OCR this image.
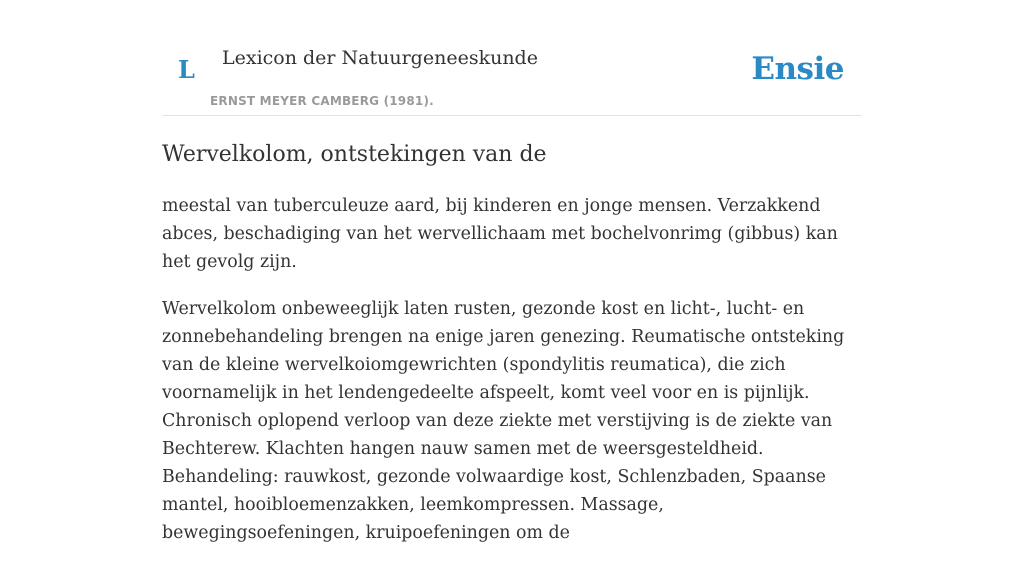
L Lexicon der Natuurgeneeskunde
ERNST MEYER CAMBERG (1981).
Ensie
Wervelkolom, ontstekingen van de

meestal van tuberculeuze aard, bij kinderen en jonge mensen. Verzakkend abces, beschadiging van het wervellichaam met bochelvonrimg (gibbus) kan het gevolg zijn.

Wervelkolom onbeweeglijk laten rusten, gezonde kost en licht-, lucht- en zonnebehandeling brengen na enige jaren genezing. Reumatische ontsteking van de kleine wervelkoiomgewrichten (spondylitis reumatica), die zich voornamelijk in het lendengedeelte afspeelt, komt veel voor en is pijnlijk. Chronisch oplopend verloop van deze ziekte met verstijving is de ziekte van Bechterew. Klachten hangen nauw samen met de weersgesteldheid. Behandeling: rauwkost, gezonde volwaardige kost, Schlenzbaden, Spaanse mantel, hooibloemenzakken, leemkompressen. Massage, bewegingsoefeningen, kruipoefeningen om de
